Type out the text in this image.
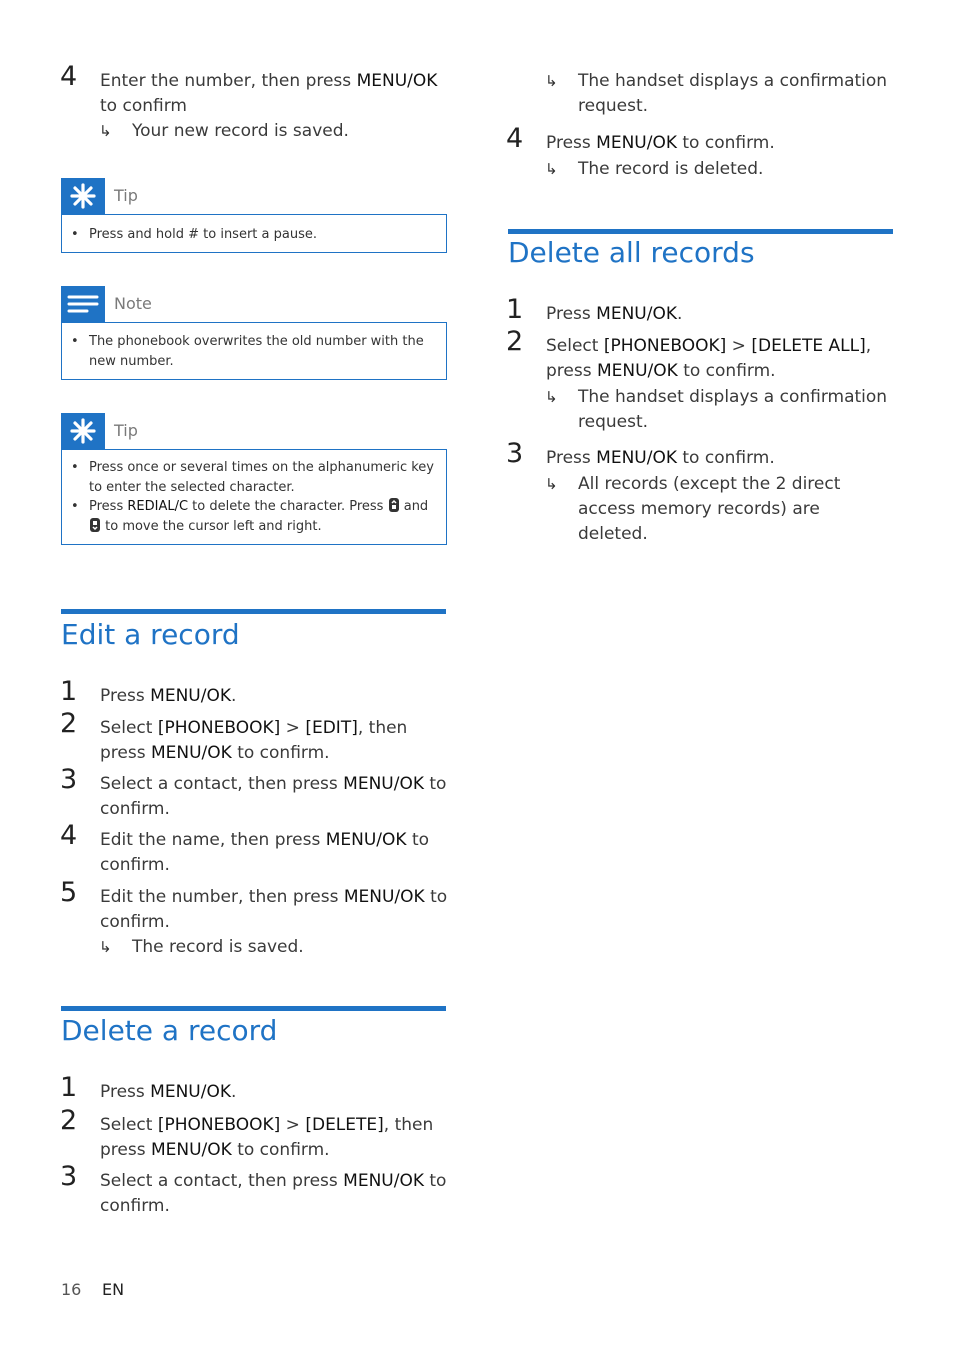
4 Enter the number, then press MENU/OK
to confirm
↳ Your new record is saved.
Tip
• Press and hold # to insert a pause.
Note
• The phonebook overwrites the old number with the new number.
Tip
• Press once or several times on the alphanumeric key to enter the selected character.
• Press REDIAL/C to delete the character. Press  and
to move the cursor left and right.
Edit a record
1 Press MENU/OK.
2 Select [PHONEBOOK] > [EDIT], then
press MENU/OK to confirm.
3 Select a contact, then press MENU/OK to
confirm.
4 Edit the name, then press MENU/OK to
confirm.
5 Edit the number, then press MENU/OK to
confirm.
↳ The record is saved.
Delete a record
1 Press MENU/OK.
2 Select [PHONEBOOK] > [DELETE], then
press MENU/OK to confirm.
3 Select a contact, then press MENU/OK to
confirm.
↳ The handset displays a confirmation request.
4 Press MENU/OK to confirm.
↳ The record is deleted.
Delete all records
1 Press MENU/OK.
2 Select [PHONEBOOK] > [DELETE ALL],
press MENU/OK to confirm.
↳ The handset displays a confirmation request.
3 Press MENU/OK to confirm.
↳ All records (except the 2 direct access memory records) are deleted.
16 EN
